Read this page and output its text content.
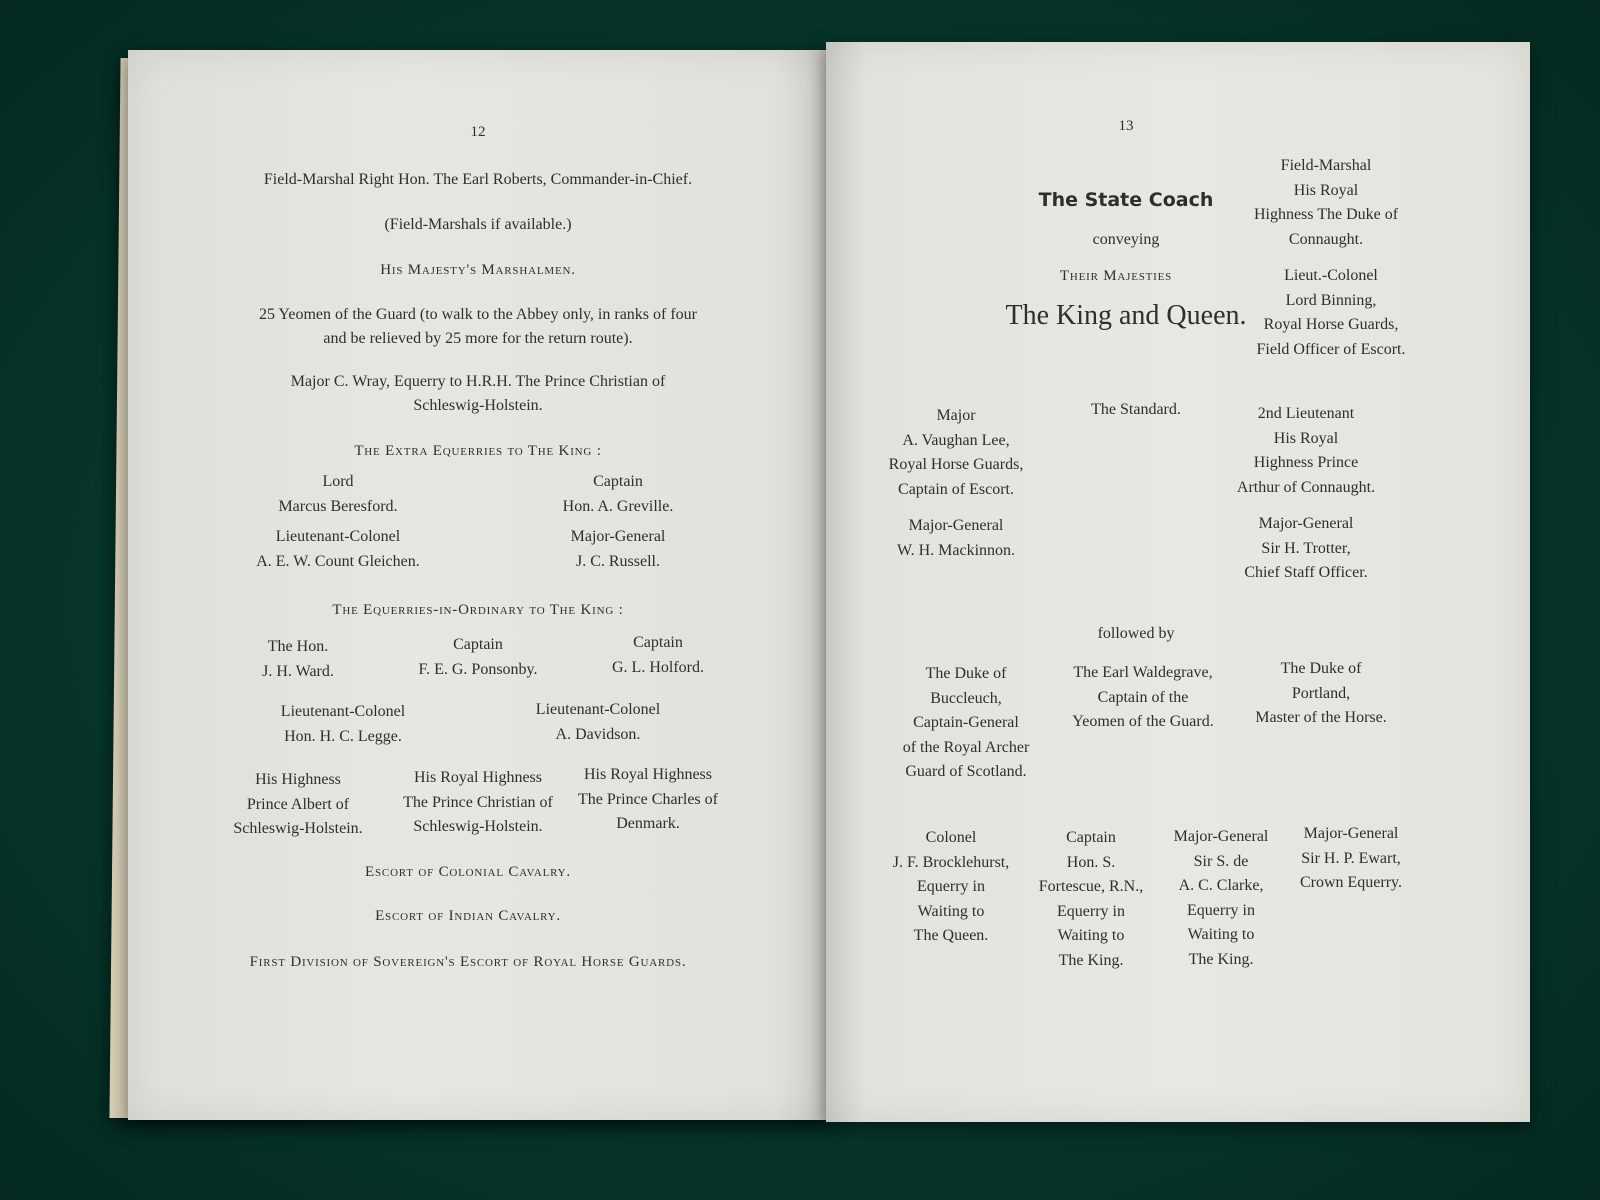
12
Field-Marshal Right Hon. The Earl Roberts, Commander-in-Chief.
(Field-Marshals if available.)
His Majesty's Marshalmen.
25 Yeomen of the Guard (to walk to the Abbey only, in ranks of four
and be relieved by 25 more for the return route).
Major C. Wray, Equerry to H.R.H. The Prince Christian of
Schleswig-Holstein.
The Extra Equerries to The King :
Lord
Marcus Beresford.
Captain
Hon. A. Greville.
Lieutenant-Colonel
A. E. W. Count Gleichen.
Major-General
J. C. Russell.
The Equerries-in-Ordinary to The King :
The Hon.
J. H. Ward.
Captain
F. E. G. Ponsonby.
Captain
G. L. Holford.
Lieutenant-Colonel
Hon. H. C. Legge.
Lieutenant-Colonel
A. Davidson.
His Highness
Prince Albert of
Schleswig-Holstein.
His Royal Highness
The Prince Christian of
Schleswig-Holstein.
His Royal Highness
The Prince Charles of
Denmark.
Escort of Colonial Cavalry.
Escort of Indian Cavalry.
First Division of Sovereign's Escort of Royal Horse Guards.
13
The State Coach
conveying
Their Majesties
The King and Queen.
Field-Marshal
His Royal
Highness The Duke of
Connaught.
Lieut.-Colonel
Lord Binning,
Royal Horse Guards,
Field Officer of Escort.
Major
A. Vaughan Lee,
Royal Horse Guards,
Captain of Escort.
The Standard.	2nd Lieutenant
His Royal
Highness Prince
Arthur of Connaught.
Major-General
W. H. Mackinnon.
Major-General
Sir H. Trotter,
Chief Staff Officer.
followed by
The Duke of
Buccleuch,
Captain-General
of the Royal Archer
Guard of Scotland.
The Earl Waldegrave,
Captain of the
Yeomen of the Guard.
The Duke of
Portland,
Master of the Horse.
Colonel
J. F. Brocklehurst,
Equerry in
Waiting to
The Queen.
Captain
Hon. S.
Fortescue, R.N.,
Equerry in
Waiting to
The King.
Major-General
Sir S. de
A. C. Clarke,
Equerry in
Waiting to
The King.
Major-General
Sir H. P. Ewart,
Crown Equerry.
